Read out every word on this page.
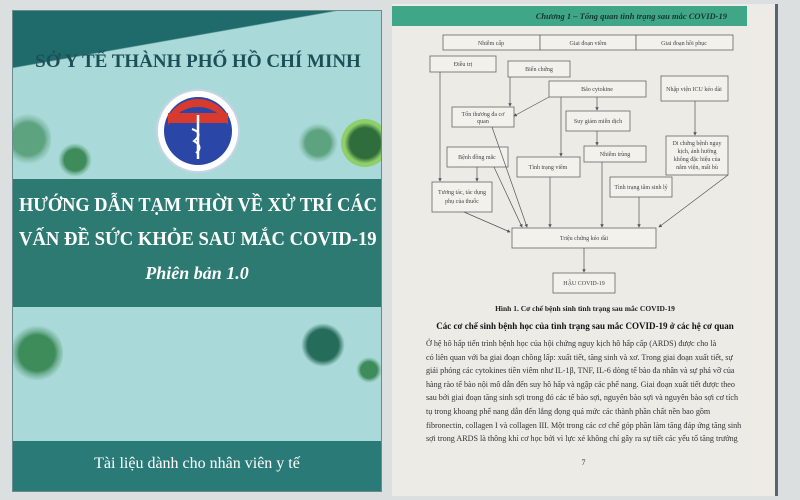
SỞ Y TẾ THÀNH PHỐ HỒ CHÍ MINH
HƯỚNG DẪN TẠM THỜI VỀ XỬ TRÍ CÁC
VẤN ĐỀ SỨC KHỎE SAU MẮC COVID-19
Phiên bản 1.0
Tài liệu dành cho nhân viên y tế
Chương 1 – Tổng quan tình trạng sau mắc COVID-19
Nhiễm cấp	Giai đoạn viêm	Giai đoạn hồi phục
Điều trị
Biến chứng
Bão cytokine	Nhập viện ICU kéo dài
Tổn thương đa cơ
quan	Suy giảm miễn dịch
Di chứng bệnh nguy
kịch, ảnh hưởng
không đặc hiệu của
nằm viện, mất bù
Bệnh đồng mắc	Nhiễm trùng
Tình trạng viêm
Tình trạng tâm sinh lý
Tương tác, tác dụng
phụ của thuốc
Triệu chứng kéo dài
HẬU COVID-19
Hình 1. Cơ chế bệnh sinh tình trạng sau mắc COVID-19
Các cơ chế sinh bệnh học của tình trạng sau mắc COVID-19 ở các hệ cơ quan
Ở hệ hô hấp tiến trình bệnh học của hội chứng nguy kịch hô hấp cấp (ARDS) được cho là
có liên quan với ba giai đoạn chồng lấp: xuất tiết, tăng sinh và xơ. Trong giai đoạn xuất tiết, sự
giải phóng các cytokines tiền viêm như IL-1β, TNF, IL-6 dòng tế bào đa nhân và sự phá vỡ của
hàng rào tế bào nội mô dẫn đến suy hô hấp và ngập các phế nang. Giai đoạn xuất tiết được theo
sau bởi giai đoạn tăng sinh sợi trong đó các tế bào sợi, nguyên bào sợi và nguyên bào sợi cơ tích
tụ trong khoang phế nang dẫn đến lắng đọng quá mức các thành phần chất nền bao gồm
fibronectin, collagen I và collagen III. Một trong các cơ chế góp phần làm tăng đáp ứng tăng sinh
sợi trong ARDS là thông khí cơ học bởi vì lực xé không chỉ gây ra sự tiết các yếu tố tăng trưởng
7
